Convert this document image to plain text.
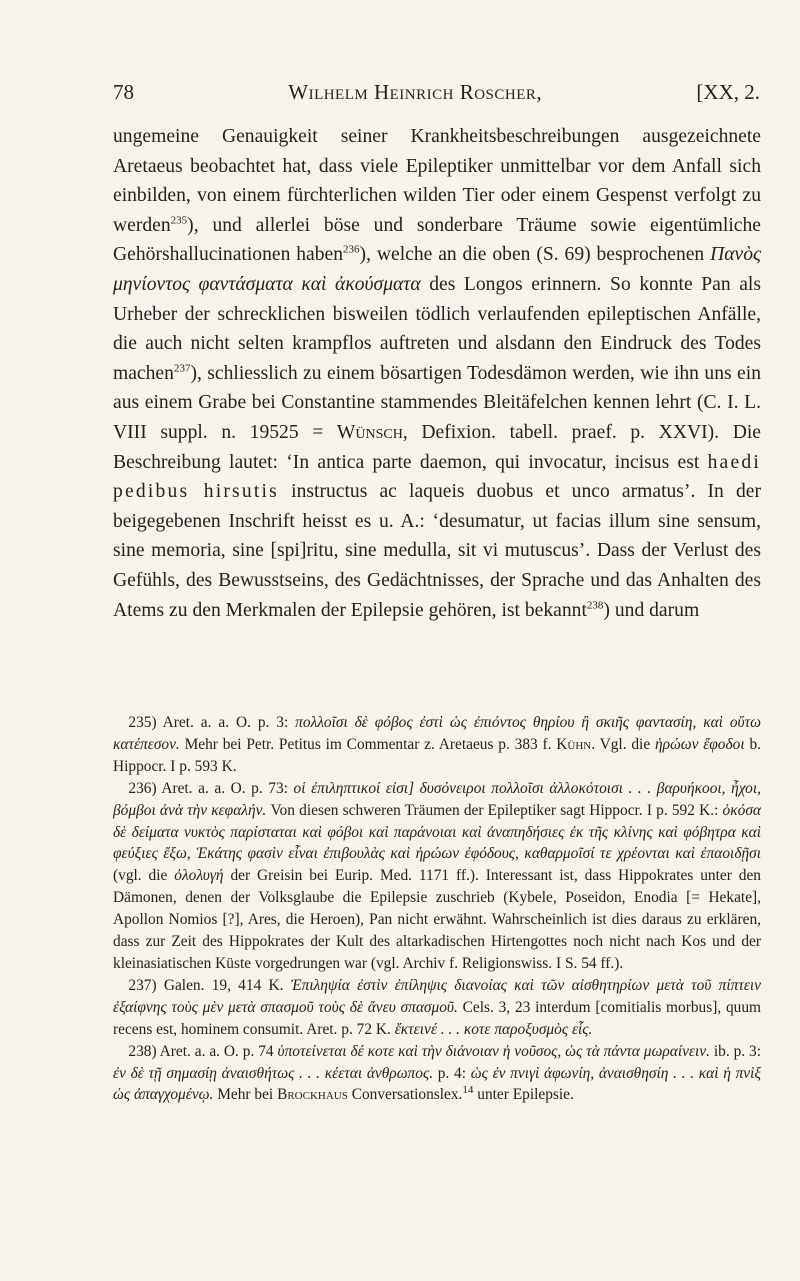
78	Wilhelm Heinrich Roscher,	[XX, 2.

ungemeine Genauigkeit seiner Krankheitsbeschreibungen ausgezeichnete Aretaeus beobachtet hat, dass viele Epileptiker unmittelbar vor dem Anfall sich einbilden, von einem fürchterlichen wilden Tier oder einem Gespenst verfolgt zu werden$^{235}$), und allerlei böse und sonderbare Träume sowie eigentümliche Gehörshallucinationen haben$^{236}$), welche an die oben (S. 69) besprochenen Πανὸς μηνίοντος φαντάσματα καὶ ἀκούσματα des Longos erinnern. So konnte Pan als Urheber der schrecklichen bisweilen tödlich verlaufenden epileptischen Anfälle, die auch nicht selten krampflos auftreten und alsdann den Eindruck des Todes machen$^{237}$), schliesslich zu einem bösartigen Todesdämon werden, wie ihn uns ein aus einem Grabe bei Constantine stammendes Bleitäfelchen kennen lehrt (C. I. L. VIII suppl. n. 19525 = Wünsch, Defixion. tabell. praef. p. XXVI). Die Beschreibung lautet: ‘In antica parte daemon, qui invocatur, incisus est haedi pedibus hirsutis instructus ac laqueis duobus et unco armatus’. In der beigegebenen Inschrift heisst es u. A.: ‘desumatur, ut facias illum sine sensum, sine memoria, sine [spi]ritu, sine medulla, sit vi mutuscus’. Dass der Verlust des Gefühls, des Bewusstseins, des Gedächtnisses, der Sprache und das Anhalten des Atems zu den Merkmalen der Epilepsie gehören, ist bekannt$^{238}$) und darum

 235) Aret. a. a. O. p. 3: πολλοῖσι δὲ φόβος ἐστὶ ὡς ἐπιόντος θηρίου ἢ σκιῆς φαντασίη, καὶ οὕτω κατέπεσον. Mehr bei Petr. Petitus im Commentar z. Aretaeus p. 383 f. Kühn. Vgl. die ἡρώων ἔφοδοι b. Hippocr. I p. 593 K.

 236) Aret. a. a. O. p. 73: οἱ ἐπιληπτικοί εἰσι] δυσόνειροι πολλοῖσι ἀλλοκότοισι . . . βαρυήκοοι, ἦχοι, βόμβοι ἀνὰ τὴν κεφαλήν. Von diesen schweren Träumen der Epileptiker sagt Hippocr. I p. 592 K.: ὁκόσα δὲ δείματα νυκτὸς παρίσταται καὶ φόβοι καὶ παράνοιαι καὶ ἀναπηδήσιες ἐκ τῆς κλίνης καὶ φόβητρα καὶ φεύξιες ἔξω, Ἑκάτης φασὶν εἶναι ἐπιβουλὰς καὶ ἡρώων ἐφόδους, καθαρμοῖσί τε χρέονται καὶ ἐπαοιδῇσι (vgl. die ὀλολυγή der Greisin bei Eurip. Med. 1171 ff.). Interessant ist, dass Hippokrates unter den Dämonen, denen der Volksglaube die Epilepsie zuschrieb (Kybele, Poseidon, Enodia [= Hekate], Apollon Nomios [?], Ares, die Heroen), Pan nicht erwähnt. Wahrscheinlich ist dies daraus zu erklären, dass zur Zeit des Hippokrates der Kult des altarkadischen Hirtengottes noch nicht nach Kos und der kleinasiatischen Küste vorgedrungen war (vgl. Archiv f. Religionswiss. I S. 54 ff.).

 237) Galen. 19, 414 K. Ἐπιληψία ἐστὶν ἐπίληψις διανοίας καὶ τῶν αἰσθητηρίων μετὰ τοῦ πίπτειν ἐξαίφνης τοὺς μὲν μετὰ σπασμοῦ τοὺς δὲ ἄνευ σπασμοῦ. Cels. 3, 23 interdum [comitialis morbus], quum recens est, hominem consumit. Aret. p. 72 K. ἔκτεινέ . . . κοτε παροξυσμὸς εἷς.

 238) Aret. a. a. O. p. 74 ὑποτείνεται δέ κοτε καὶ τὴν διάνοιαν ἡ νοῦσος, ὡς τὰ πάντα μωραίνειν. ib. p. 3: ἐν δὲ τῇ σημασίῃ ἀναισθήτως . . . κέεται ἀνθρωπος. p. 4: ὡς ἐν πνιγὶ ἀφωνίη, ἀναισθησίη . . . καὶ ἡ πνὶξ ὡς ἀπαγχομένῳ. Mehr bei Brockhaus Conversationslex.$^{14}$ unter Epilepsie.
